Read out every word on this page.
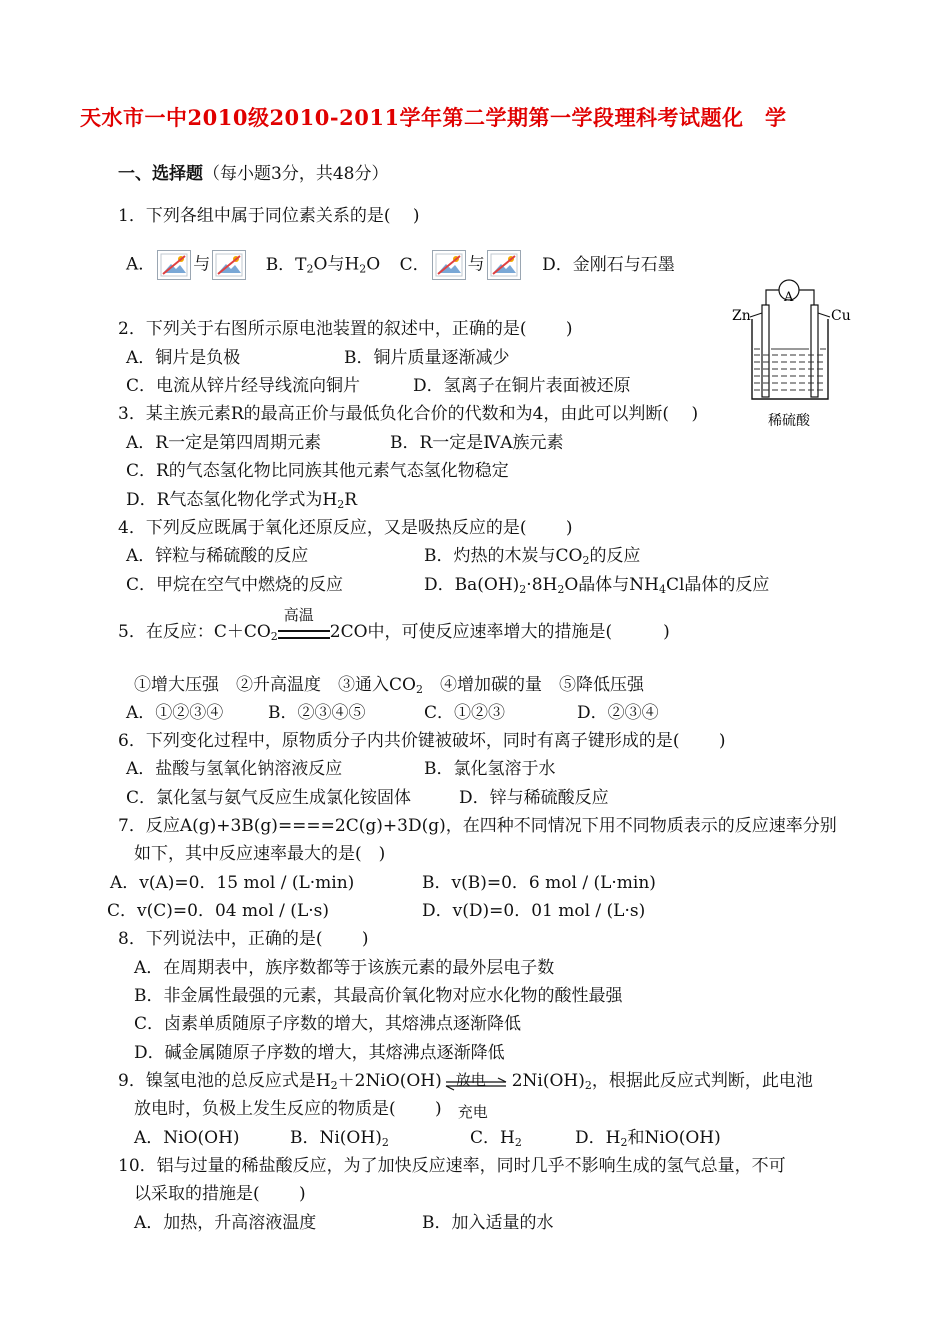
天水市一中2010级2010-2011学年第二学期第一学段理科考试题化　学
一、选择题（每小题3分，共48分）
1．下列各组中属于同位素关系的是(　 )
A． 与	B．$T_2O$与$H_2O$ C． 与	D．金刚石与石墨
A
Zn	Cu
稀硫酸
2．下列关于右图所示原电池装置的叙述中，正确的是(　　 )
A．铜片是负极	B．铜片质量逐渐减少
C．电流从锌片经导线流向铜片	D．氢离子在铜片表面被还原
3．某主族元素R的最高正价与最低负化合价的代数和为4，由此可以判断(　 )
A．R一定是第四周期元素	B．R一定是ⅣA族元素
C．R的气态氢化物比同族其他元素气态氢化物稳定
D．R气态氢化物化学式为$H_2R$
4．下列反应既属于氧化还原反应，又是吸热反应的是(　　 )
A．锌粒与稀硫酸的反应	B．灼热的木炭与$CO_2$的反应
C．甲烷在空气中燃烧的反应	D．$Ba(OH)_2\cdot 8H_2O$晶体与$NH_4Cl$晶体的反应
5．在反应：$C+CO_2$
高温
2CO中，可使反应速率增大的措施是(　　　)
①增大压强　②升高温度　③通入$CO_2$　④增加碳的量　⑤降低压强
A．①②③④	B．②③④⑤	C．①②③	D．②③④
6．下列变化过程中，原物质分子内共价键被破坏，同时有离子键形成的是(　　 )
A．盐酸与氢氧化钠溶液反应	B．氯化氢溶于水
C．氯化氢与氨气反应生成氯化铵固体	D．锌与稀硫酸反应
7．反应A(g)+3B(g)====2C(g)+3D(g)，在四种不同情况下用不同物质表示的反应速率分别
如下，其中反应速率最大的是(　)
A．v(A)=0．15 mol / (L·min)	B．v(B)=0．6 mol / (L·min)
C．v(C)=0．04 mol / (L·s)	D．v(D)=0．01 mol / (L·s)
8．下列说法中，正确的是(　　 )
A．在周期表中，族序数都等于该族元素的最外层电子数
B．非金属性最强的元素，其最高价氧化物对应水化物的酸性最强
C．卤素单质随原子序数的增大，其熔沸点逐渐降低
D．碱金属随原子序数的增大，其熔沸点逐渐降低
9．镍氢电池的总反应式是$H_2+2NiO(OH)$ 放电
充电
$2Ni(OH)_2$，根据此反应式判断，此电池
放电时，负极上发生反应的物质是(　　 )
A．NiO(OH)	B．$Ni(OH)_2$	C．$H_2$	D．$H_2$和NiO(OH)
10．铝与过量的稀盐酸反应，为了加快反应速率，同时几乎不影响生成的氢气总量，不可
以采取的措施是(　　 )
A．加热，升高溶液温度	B．加入适量的水
